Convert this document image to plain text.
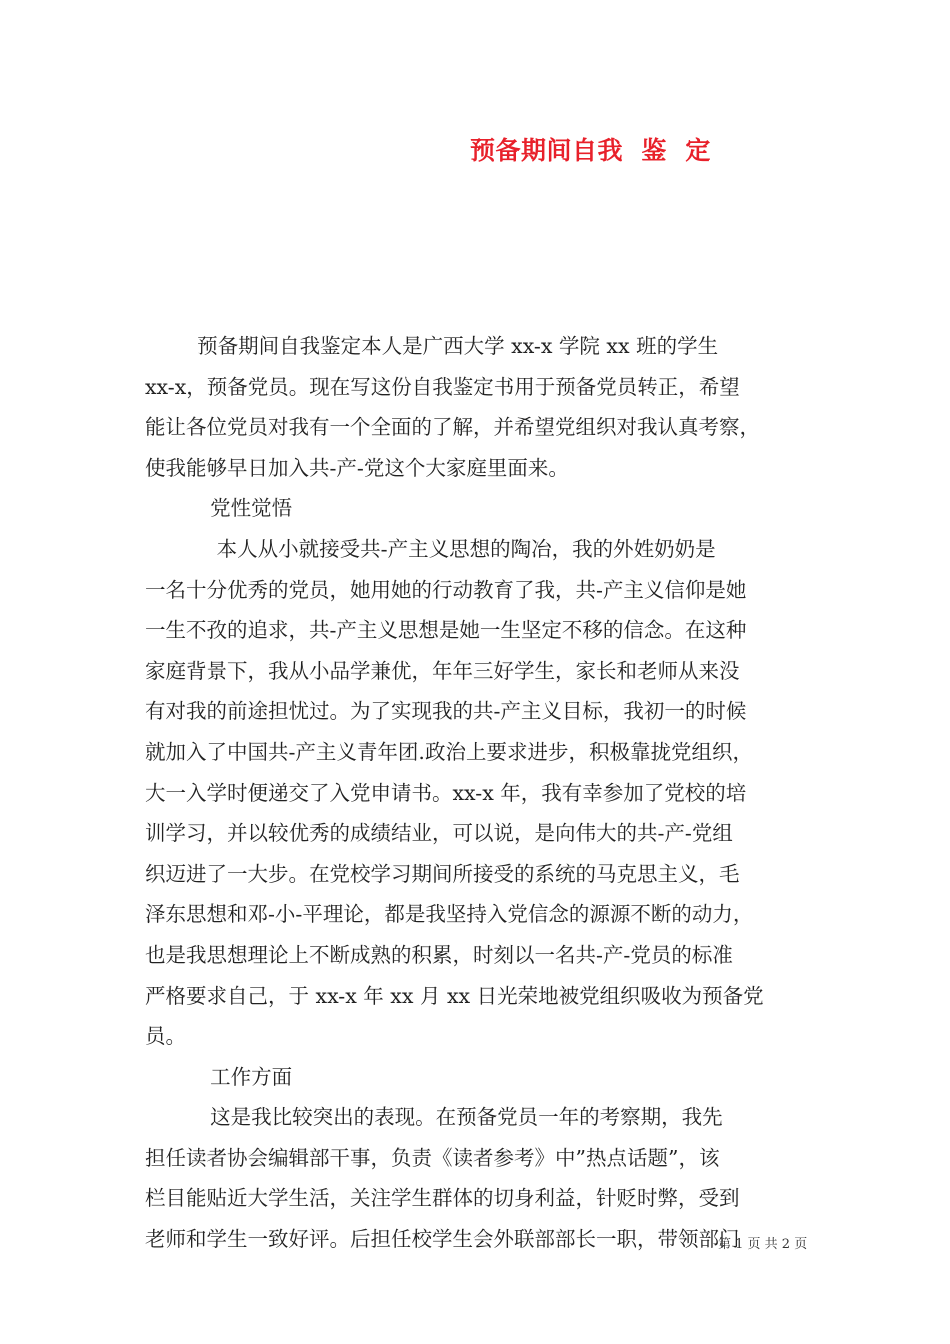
预备期间自我  鉴  定
预备期间自我鉴定本人是广西大学 xx-x 学院 xx 班的学生
xx-x，预备党员。现在写这份自我鉴定书用于预备党员转正，希望
能让各位党员对我有一个全面的了解，并希望党组织对我认真考察，
使我能够早日加入共-产-党这个大家庭里面来。
党性觉悟
本人从小就接受共-产主义思想的陶冶，我的外姓奶奶是
一名十分优秀的党员，她用她的行动教育了我，共-产主义信仰是她
一生不孜的追求，共-产主义思想是她一生坚定不移的信念。在这种
家庭背景下，我从小品学兼优，年年三好学生，家长和老师从来没
有对我的前途担忧过。为了实现我的共-产主义目标，我初一的时候
就加入了中国共-产主义青年团.政治上要求进步，积极靠拢党组织，
大一入学时便递交了入党申请书。xx-x 年，我有幸参加了党校的培
训学习，并以较优秀的成绩结业，可以说，是向伟大的共-产-党组
织迈进了一大步。在党校学习期间所接受的系统的马克思主义，毛
泽东思想和邓-小-平理论，都是我坚持入党信念的源源不断的动力，
也是我思想理论上不断成熟的积累，时刻以一名共-产-党员的标准
严格要求自己，于 xx-x 年 xx 月 xx 日光荣地被党组织吸收为预备党
员。
工作方面
这是我比较突出的表现。在预备党员一年的考察期，我先
担任读者协会编辑部干事，负责《读者参考》中”热点话题”，该
栏目能贴近大学生活，关注学生群体的切身利益，针贬时弊，受到
老师和学生一致好评。后担任校学生会外联部部长一职，带领部门
第 1 页 共 2 页
